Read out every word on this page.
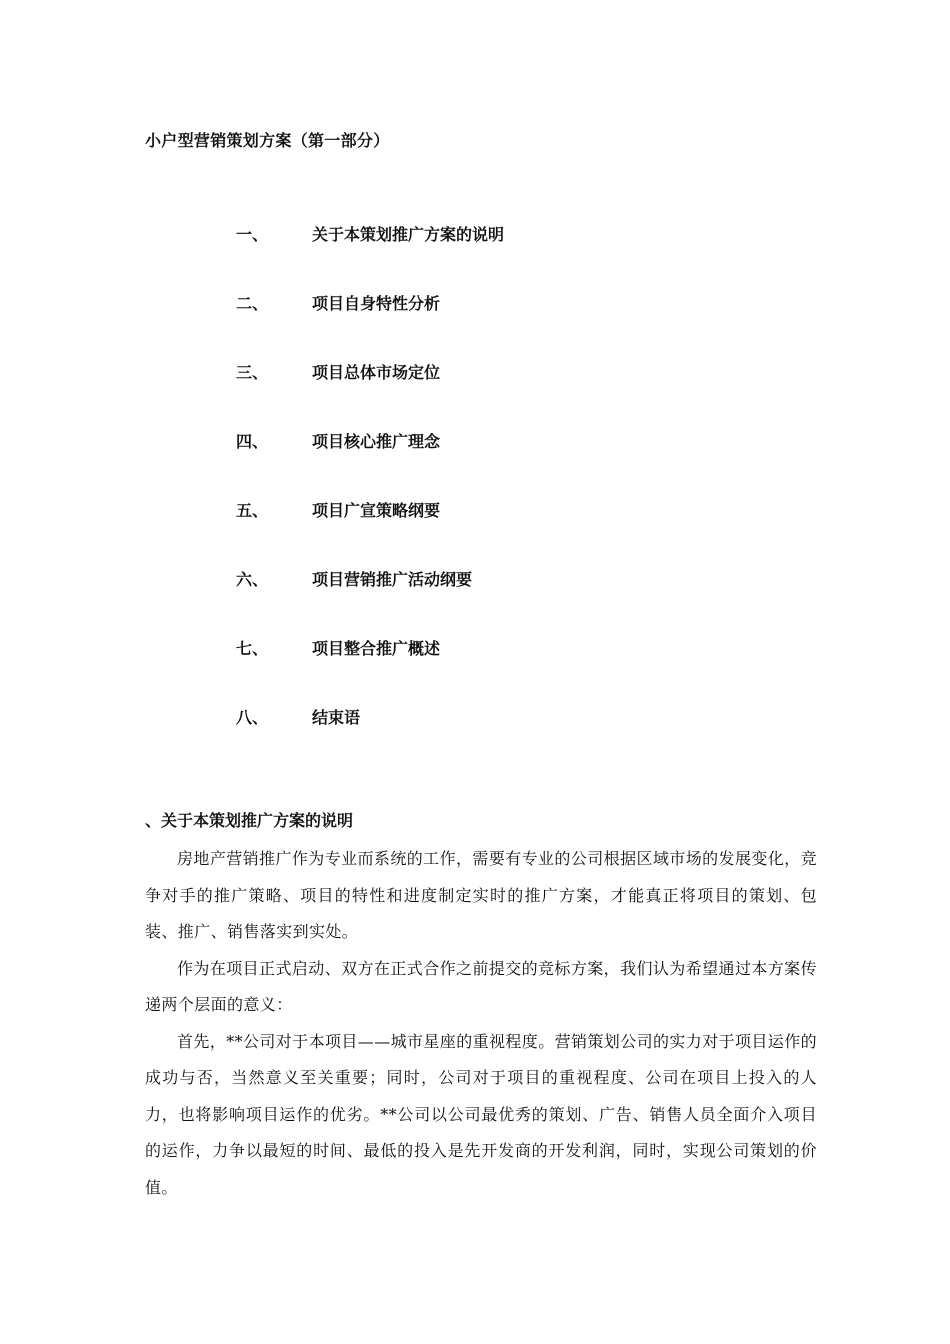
小户型营销策划方案（第一部分）
一、	关于本策划推广方案的说明
二、	项目自身特性分析
三、	项目总体市场定位
四、	项目核心推广理念
五、	项目广宣策略纲要
六、	项目营销推广活动纲要
七、	项目整合推广概述
八、	结束语
、关于本策划推广方案的说明

房地产营销推广作为专业而系统的工作，需要有专业的公司根据区域市场的发展变化，竞争对手的推广策略、项目的特性和进度制定实时的推广方案，才能真正将项目的策划、包装、推广、销售落实到实处。

作为在项目正式启动、双方在正式合作之前提交的竞标方案，我们认为希望通过本方案传递两个层面的意义：

首先，**公司对于本项目——城市星座的重视程度。营销策划公司的实力对于项目运作的成功与否，当然意义至关重要；同时，公司对于项目的重视程度、公司在项目上投入的人力，也将影响项目运作的优劣。**公司以公司最优秀的策划、广告、销售人员全面介入项目的运作，力争以最短的时间、最低的投入是先开发商的开发利润，同时，实现公司策划的价值。
